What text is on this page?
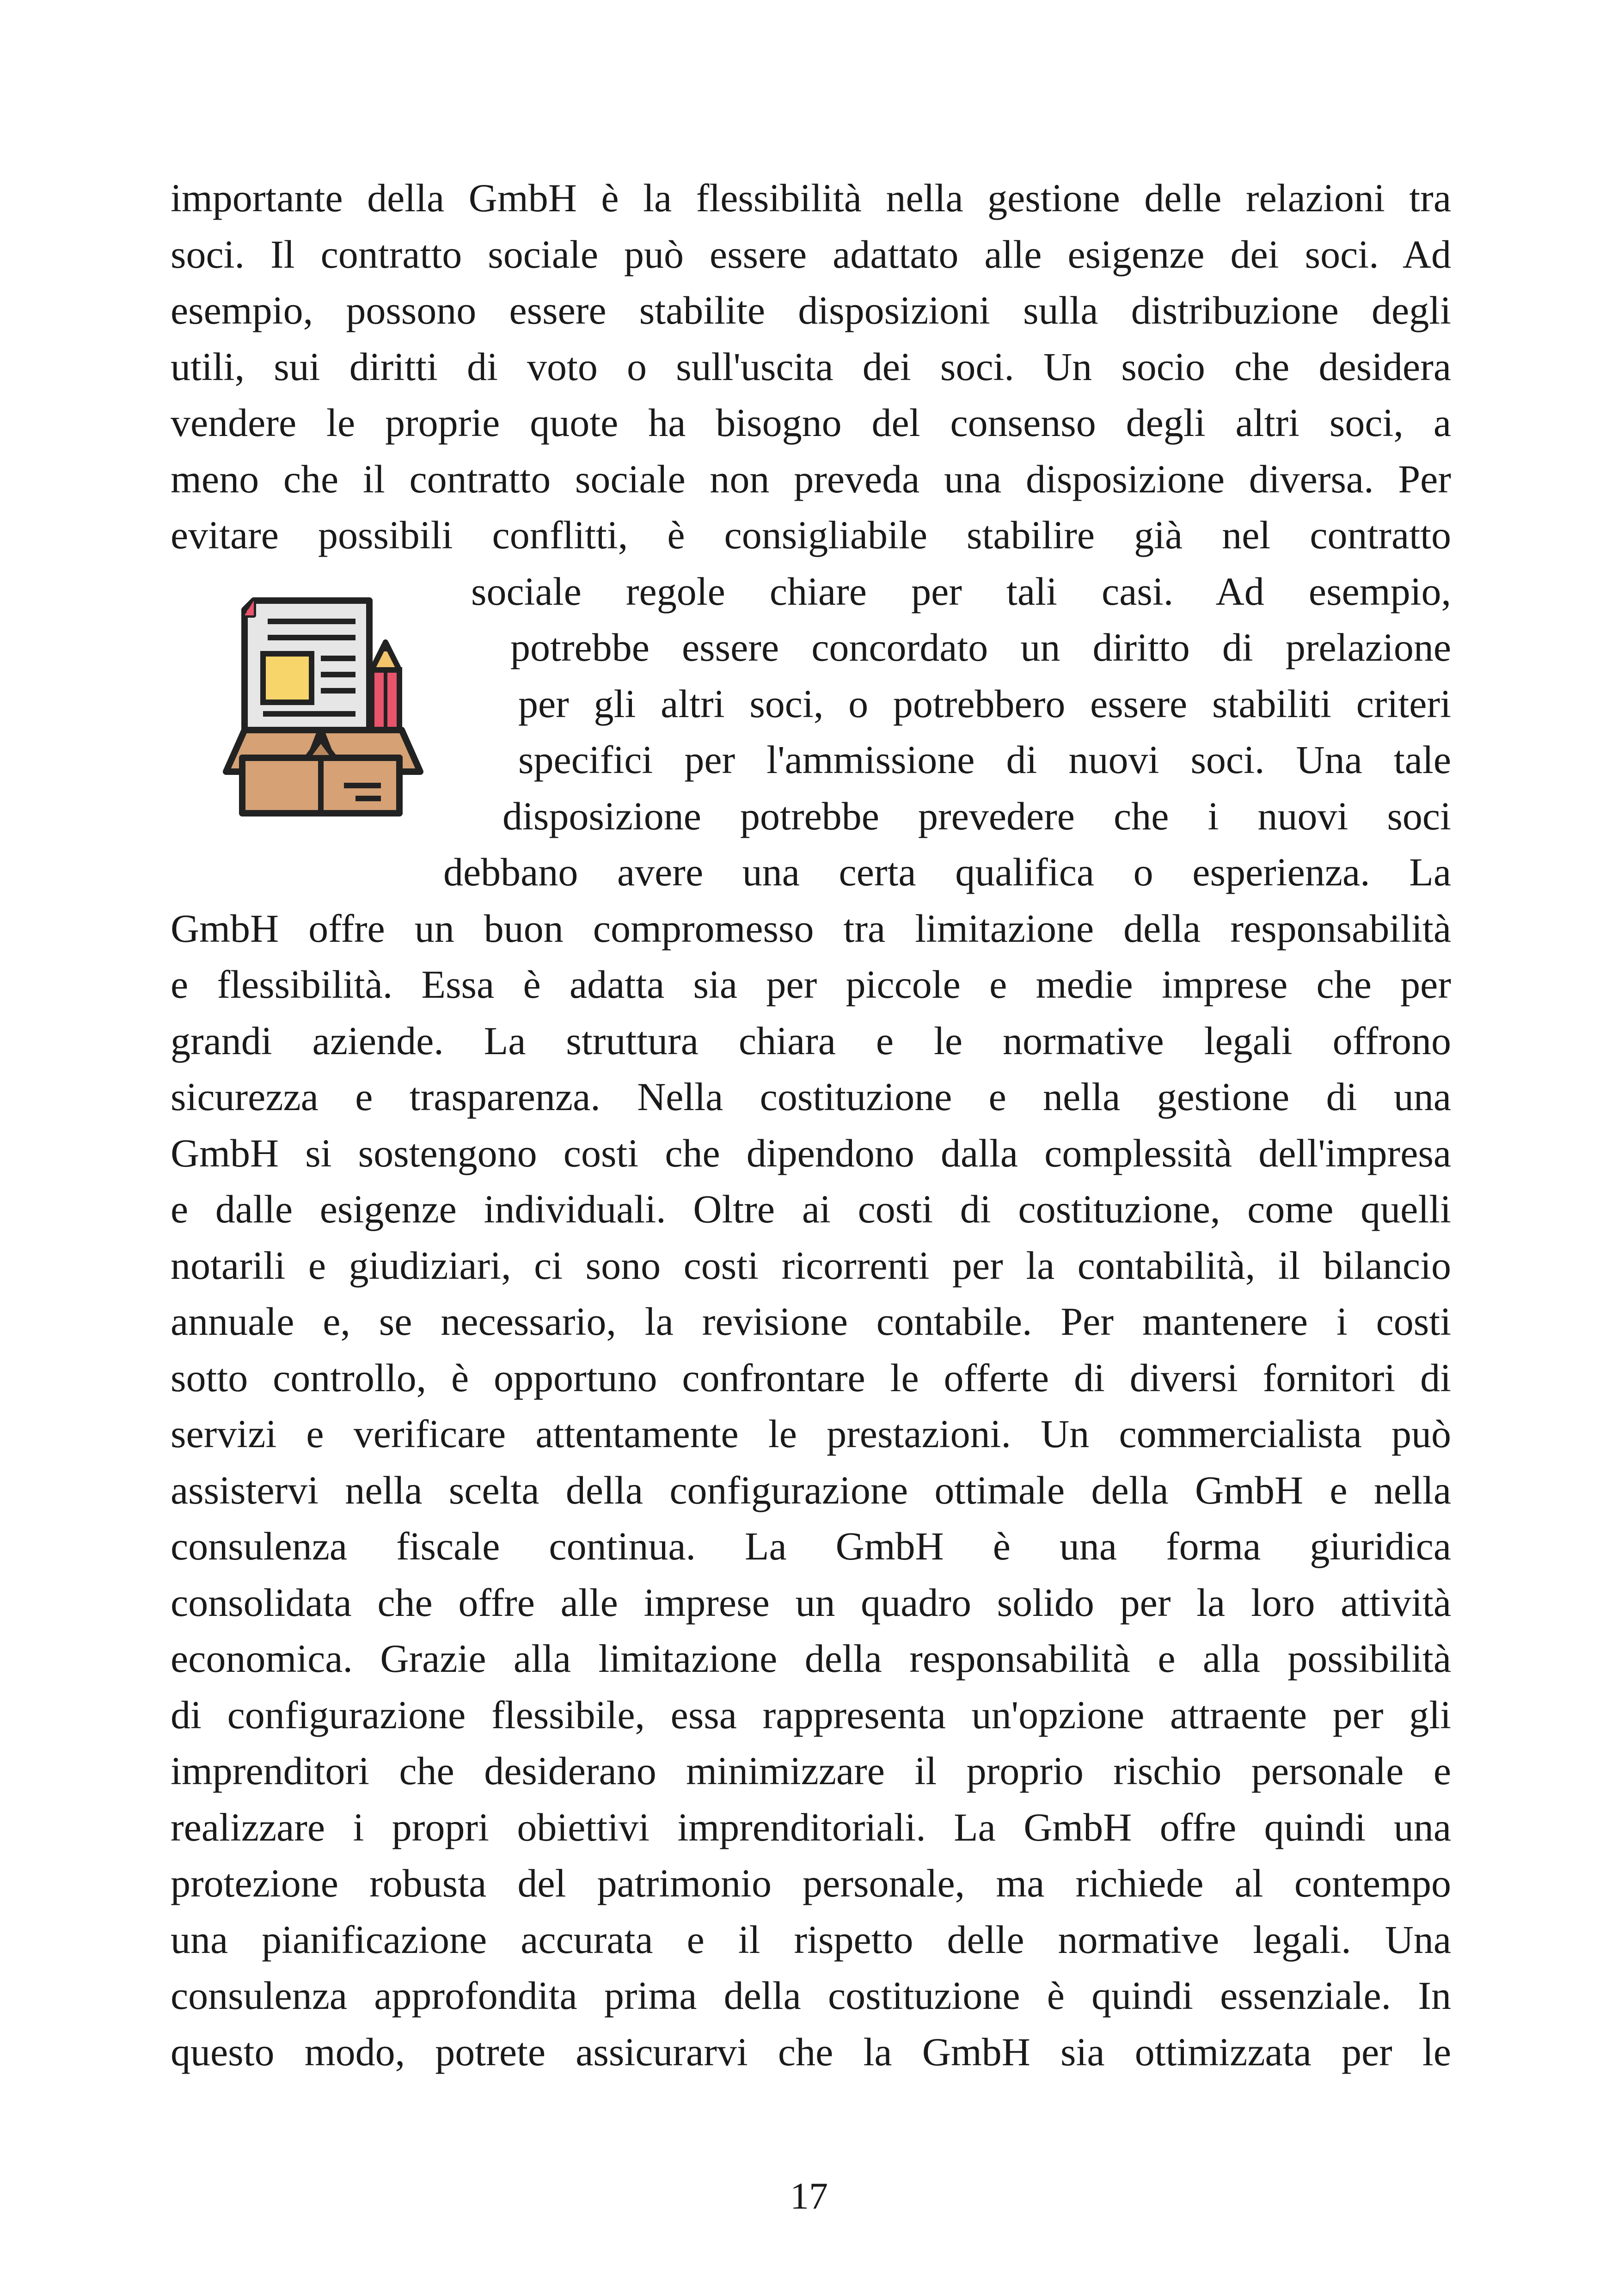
importante della GmbH è la flessibilità nella gestione delle relazioni tra
soci. Il contratto sociale può essere adattato alle esigenze dei soci. Ad
esempio, possono essere stabilite disposizioni sulla distribuzione degli
utili, sui diritti di voto o sull'uscita dei soci. Un socio che desidera
vendere le proprie quote ha bisogno del consenso degli altri soci, a
meno che il contratto sociale non preveda una disposizione diversa. Per
evitare possibili conflitti, è consigliabile stabilire già nel contratto
sociale regole chiare per tali casi. Ad esempio,
potrebbe essere concordato un diritto di prelazione
per gli altri soci, o potrebbero essere stabiliti criteri
specifici per l'ammissione di nuovi soci. Una tale
disposizione potrebbe prevedere che i nuovi soci
debbano avere una certa qualifica o esperienza. La
GmbH offre un buon compromesso tra limitazione della responsabilità
e flessibilità. Essa è adatta sia per piccole e medie imprese che per
grandi aziende. La struttura chiara e le normative legali offrono
sicurezza e trasparenza. Nella costituzione e nella gestione di una
GmbH si sostengono costi che dipendono dalla complessità dell'impresa
e dalle esigenze individuali. Oltre ai costi di costituzione, come quelli
notarili e giudiziari, ci sono costi ricorrenti per la contabilità, il bilancio
annuale e, se necessario, la revisione contabile. Per mantenere i costi
sotto controllo, è opportuno confrontare le offerte di diversi fornitori di
servizi e verificare attentamente le prestazioni. Un commercialista può
assistervi nella scelta della configurazione ottimale della GmbH e nella
consulenza fiscale continua. La GmbH è una forma giuridica
consolidata che offre alle imprese un quadro solido per la loro attività
economica. Grazie alla limitazione della responsabilità e alla possibilità
di configurazione flessibile, essa rappresenta un'opzione attraente per gli
imprenditori che desiderano minimizzare il proprio rischio personale e
realizzare i propri obiettivi imprenditoriali. La GmbH offre quindi una
protezione robusta del patrimonio personale, ma richiede al contempo
una pianificazione accurata e il rispetto delle normative legali. Una
consulenza approfondita prima della costituzione è quindi essenziale. In
questo modo, potrete assicurarvi che la GmbH sia ottimizzata per le
17
